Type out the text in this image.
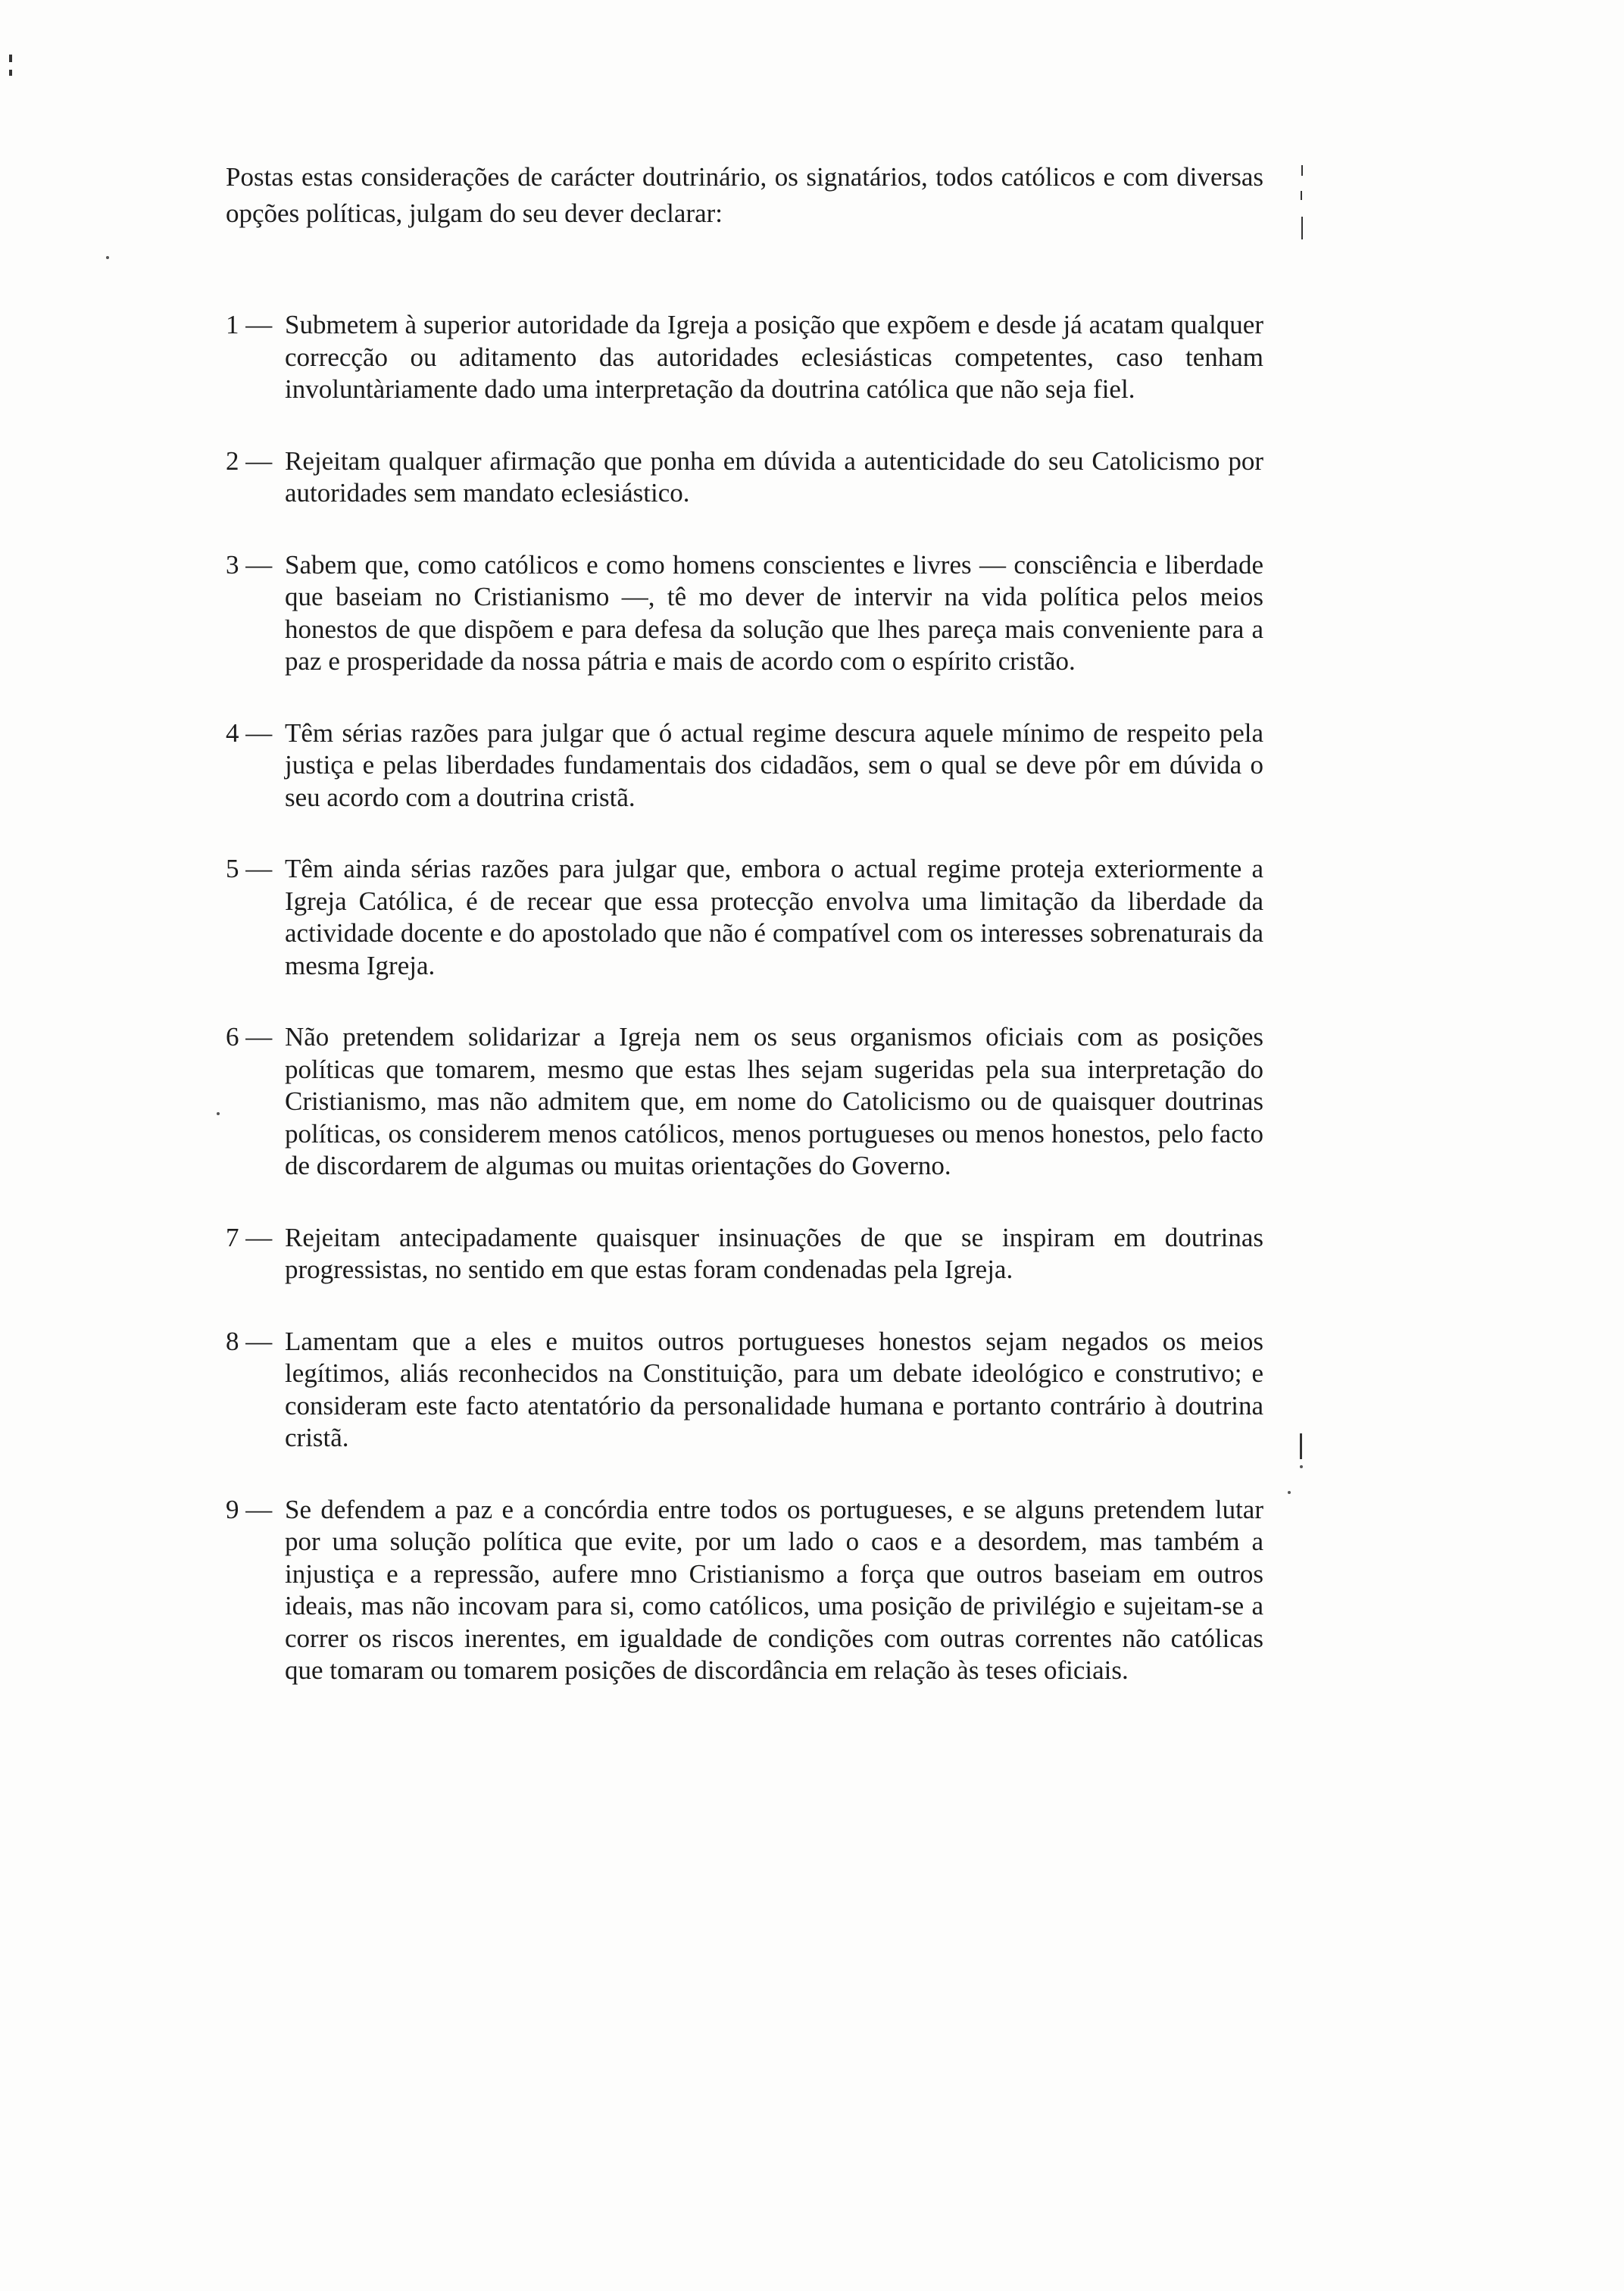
Postas estas considerações de carácter doutrinário, os signatários, todos católicos e com diversas opções políticas, julgam do seu dever declarar:

1 — Submetem à superior autoridade da Igreja a posição que expõem e desde já acatam qualquer correcção ou aditamento das autoridades eclesiásticas competentes, caso tenham involuntàriamente dado uma interpretação da doutrina católica que não seja fiel.
2 — Rejeitam qualquer afirmação que ponha em dúvida a autenticidade do seu Catolicismo por autoridades sem mandato eclesiástico.
3 — Sabem que, como católicos e como homens conscientes e livres — consciência e liberdade que baseiam no Cristianismo —, tê mo dever de intervir na vida política pelos meios honestos de que dispõem e para defesa da solução que lhes pareça mais conveniente para a paz e prosperidade da nossa pátria e mais de acordo com o espírito cristão.
4 — Têm sérias razões para julgar que ó actual regime descura aquele mínimo de respeito pela justiça e pelas liberdades fundamentais dos cidadãos, sem o qual se deve pôr em dúvida o seu acordo com a doutrina cristã.
5 — Têm ainda sérias razões para julgar que, embora o actual regime proteja exteriormente a Igreja Católica, é de recear que essa protecção envolva uma limitação da liberdade da actividade docente e do apostolado que não é compatível com os interesses sobrenaturais da mesma Igreja.
6 — Não pretendem solidarizar a Igreja nem os seus organismos oficiais com as posições políticas que tomarem, mesmo que estas lhes sejam sugeridas pela sua interpretação do Cristianismo, mas não admitem que, em nome do Catolicismo ou de quaisquer doutrinas políticas, os considerem menos católicos, menos portugueses ou menos honestos, pelo facto de discordarem de algumas ou muitas orientações do Governo.
7 — Rejeitam antecipadamente quaisquer insinuações de que se inspiram em doutrinas progressistas, no sentido em que estas foram condenadas pela Igreja.
8 — Lamentam que a eles e muitos outros portugueses honestos sejam negados os meios legítimos, aliás reconhecidos na Constituição, para um debate ideológico e construtivo; e consideram este facto atentatório da personalidade humana e portanto contrário à doutrina cristã.
9 — Se defendem a paz e a concórdia entre todos os portugueses, e se alguns pretendem lutar por uma solução política que evite, por um lado o caos e a desordem, mas também a injustiça e a repressão, aufere mno Cristianismo a força que outros baseiam em outros ideais, mas não incovam para si, como católicos, uma posição de privilégio e sujeitam-se a correr os riscos inerentes, em igualdade de condições com outras correntes não católicas que tomaram ou tomarem posições de discordância em relação às teses oficiais.
